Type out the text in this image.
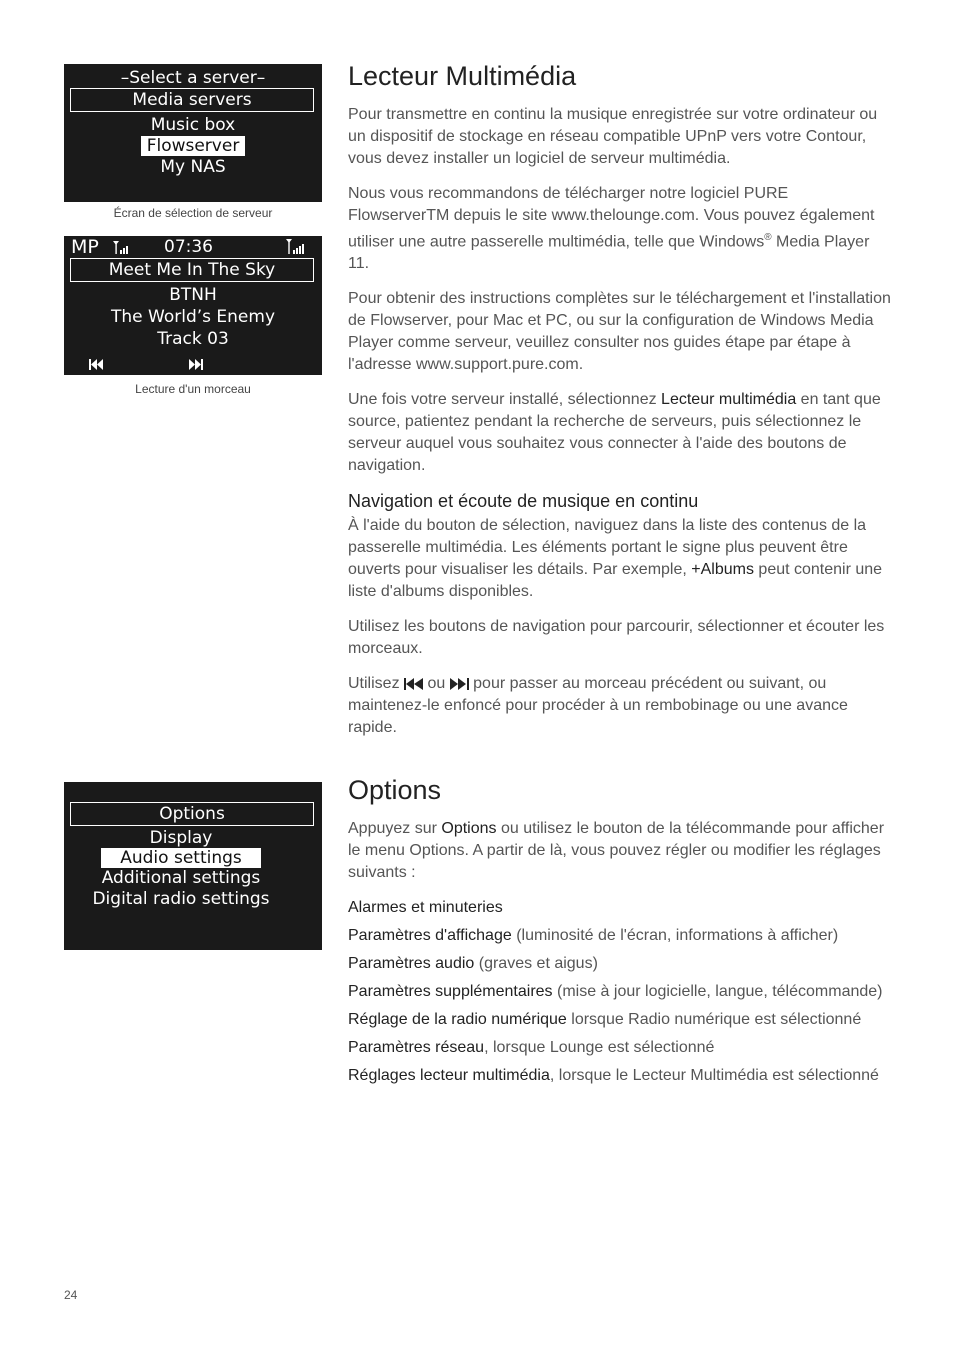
–Select a server–
Media servers
Music box
Flowserver
My NAS
Écran de sélection de serveur
MP	07:36
Meet Me In The Sky
BTNH
The World’s Enemy
Track 03
Lecture d'un morceau
Options
Display
Audio settings
Additional settings
Digital radio settings
Lecteur Multimédia

Pour transmettre en continu la musique enregistrée sur votre ordinateur ou un dispositif de stockage en réseau compatible UPnP vers votre Contour, vous devez installer un logiciel de serveur multimédia.

Nous vous recommandons de télécharger notre logiciel PURE FlowserverTM depuis le site www.thelounge.com. Vous pouvez également utiliser une autre passerelle multimédia, telle que Windows® Media Player 11.

Pour obtenir des instructions complètes sur le téléchargement et l'installation de Flowserver, pour Mac et PC, ou sur la configuration de Windows Media Player comme serveur, veuillez consulter nos guides étape par étape à l'adresse www.support.pure.com.

Une fois votre serveur installé, sélectionnez Lecteur multimédia en tant que source, patientez pendant la recherche de serveurs, puis sélectionnez le serveur auquel vous souhaitez vous connecter à l'aide des boutons de navigation.

Navigation et écoute de musique en continu

À l'aide du bouton de sélection, naviguez dans la liste des contenus de la passerelle multimédia. Les éléments portant le signe plus peuvent être ouverts pour visualiser les détails. Par exemple, +Albums peut contenir une liste d'albums disponibles.

Utilisez les boutons de navigation pour parcourir, sélectionner et écouter les morceaux.

Utilisez  ou  pour passer au morceau précédent ou suivant, ou maintenez-le enfoncé pour procéder à un rembobinage ou une avance rapide.

Options

Appuyez sur Options ou utilisez le bouton de la télécommande pour afficher le menu Options. A partir de là, vous pouvez régler ou modifier les réglages suivants :

Alarmes et minuteries

Paramètres d'affichage (luminosité de l'écran, informations à afficher)

Paramètres audio (graves et aigus)

Paramètres supplémentaires (mise à jour logicielle, langue, télécommande)

Réglage de la radio numérique lorsque Radio numérique est sélectionné

Paramètres réseau, lorsque Lounge est sélectionné

Réglages lecteur multimédia, lorsque le Lecteur Multimédia est sélectionné

24
